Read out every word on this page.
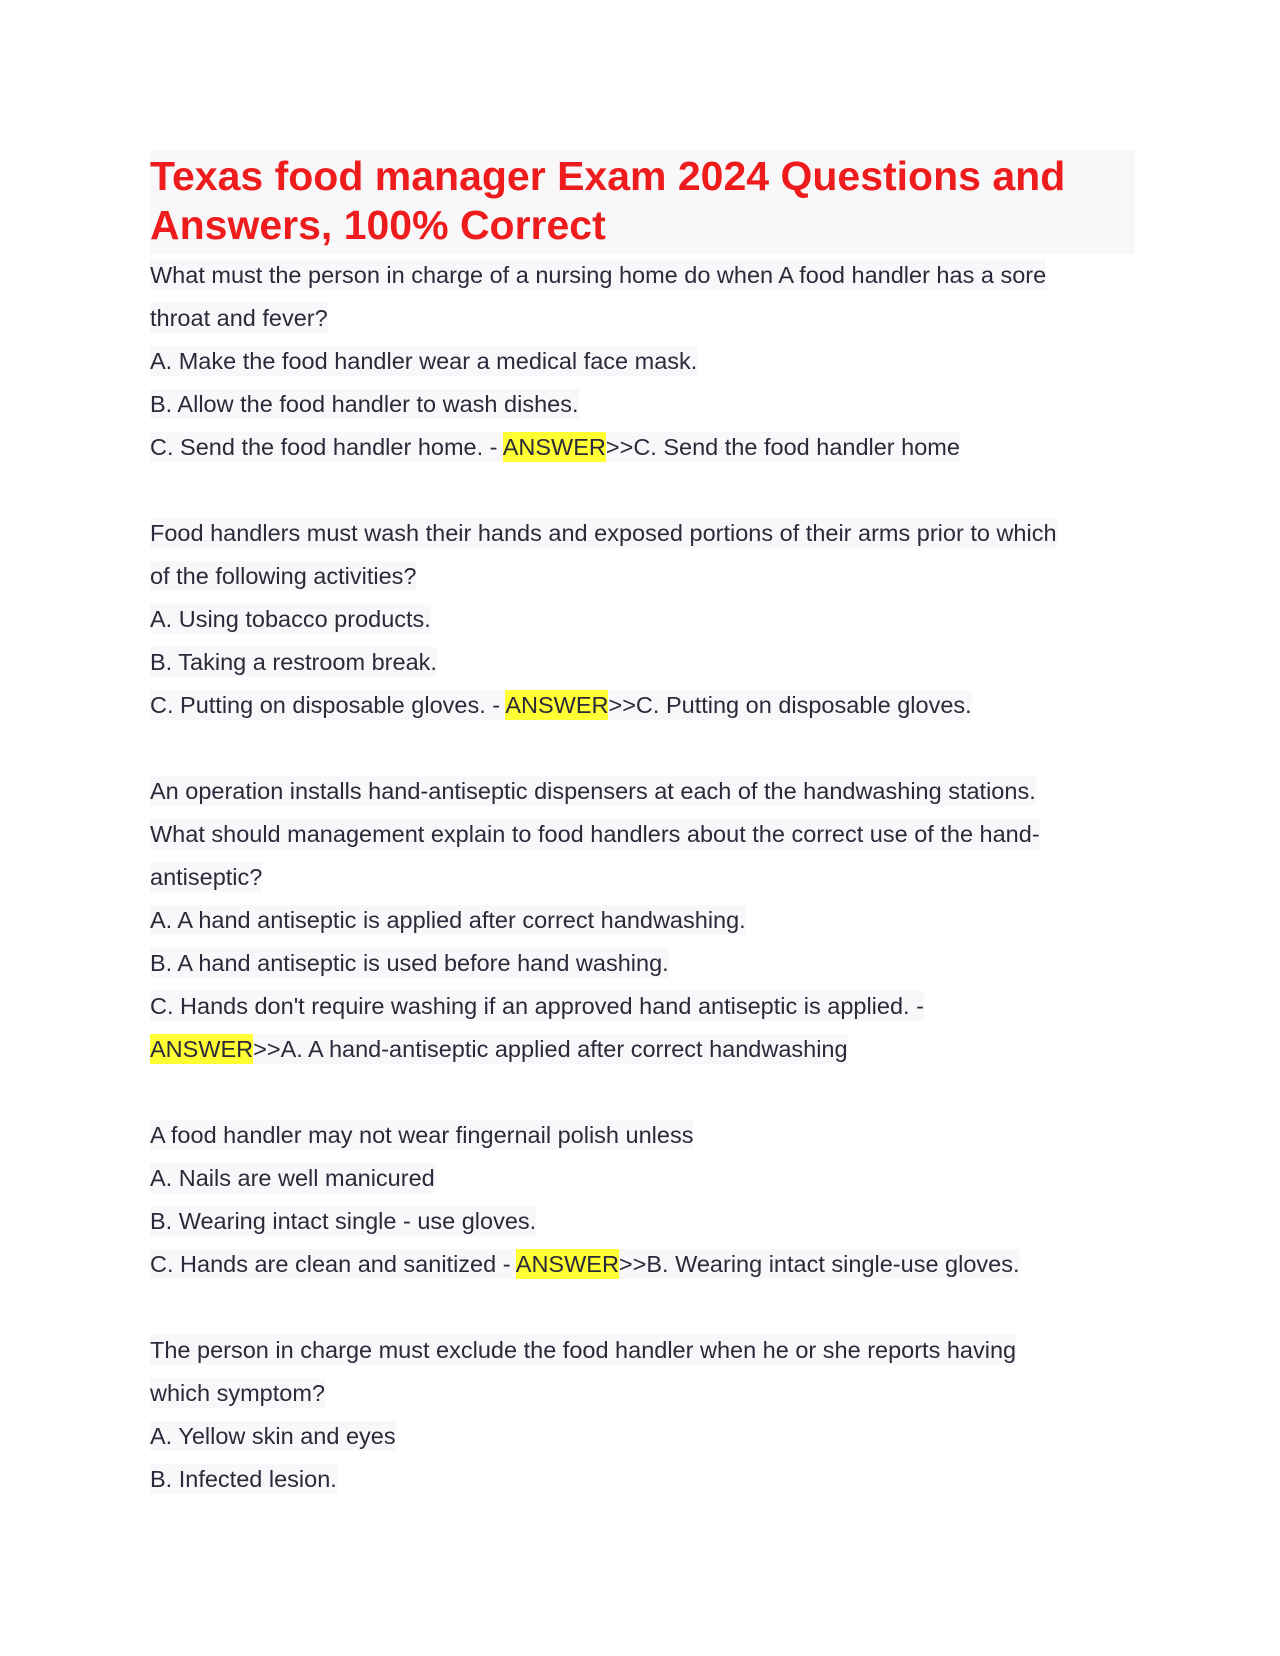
Texas food manager Exam 2024 Questions and Answers, 100% Correct
What must the person in charge of a nursing home do when A food handler has a sore
throat and fever?
A. Make the food handler wear a medical face mask.
B. Allow the food handler to wash dishes.
C. Send the food handler home. - ANSWER>>C. Send the food handler home
Food handlers must wash their hands and exposed portions of their arms prior to which
of the following activities?
A. Using tobacco products.
B. Taking a restroom break.
C. Putting on disposable gloves. - ANSWER>>C. Putting on disposable gloves.
An operation installs hand-antiseptic dispensers at each of the handwashing stations.
What should management explain to food handlers about the correct use of the hand-
antiseptic?
A. A hand antiseptic is applied after correct handwashing.
B. A hand antiseptic is used before hand washing.
C. Hands don't require washing if an approved hand antiseptic is applied. -
ANSWER>>A. A hand-antiseptic applied after correct handwashing
A food handler may not wear fingernail polish unless
A. Nails are well manicured
B. Wearing intact single - use gloves.
C. Hands are clean and sanitized - ANSWER>>B. Wearing intact single-use gloves.
The person in charge must exclude the food handler when he or she reports having
which symptom?
A. Yellow skin and eyes
B. Infected lesion.
